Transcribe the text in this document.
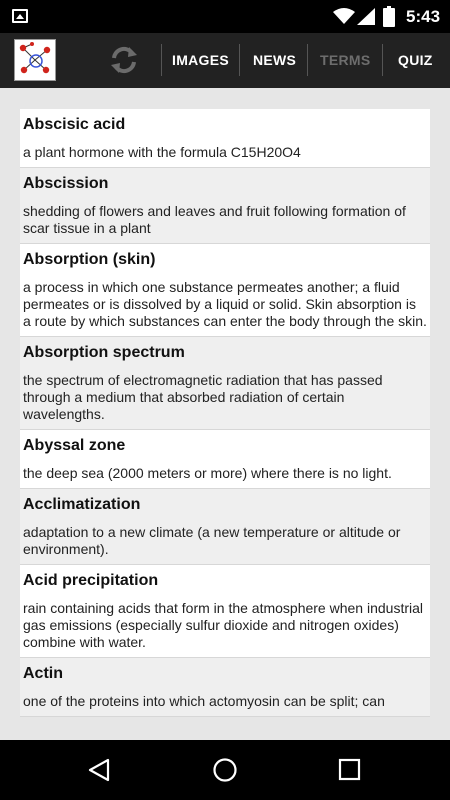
5:43
IMAGES NEWS TERMS QUIZ
Abscisic acid
a plant hormone with the formula C15H20O4
Abscission
shedding of flowers and leaves and fruit following formation of scar tissue in a plant
Absorption (skin)
a process in which one substance permeates another; a fluid permeates or is dissolved by a liquid or solid. Skin absorption is a route by which substances can enter the body through the skin.
Absorption spectrum
the spectrum of electromagnetic radiation that has passed through a medium that absorbed radiation of certain wavelengths.
Abyssal zone
the deep sea (2000 meters or more) where there is no light.
Acclimatization
adaptation to a new climate (a new temperature or altitude or environment).
Acid precipitation
rain containing acids that form in the atmosphere when industrial gas emissions (especially sulfur dioxide and nitrogen oxides) combine with water.
Actin
one of the proteins into which actomyosin can be split; can
